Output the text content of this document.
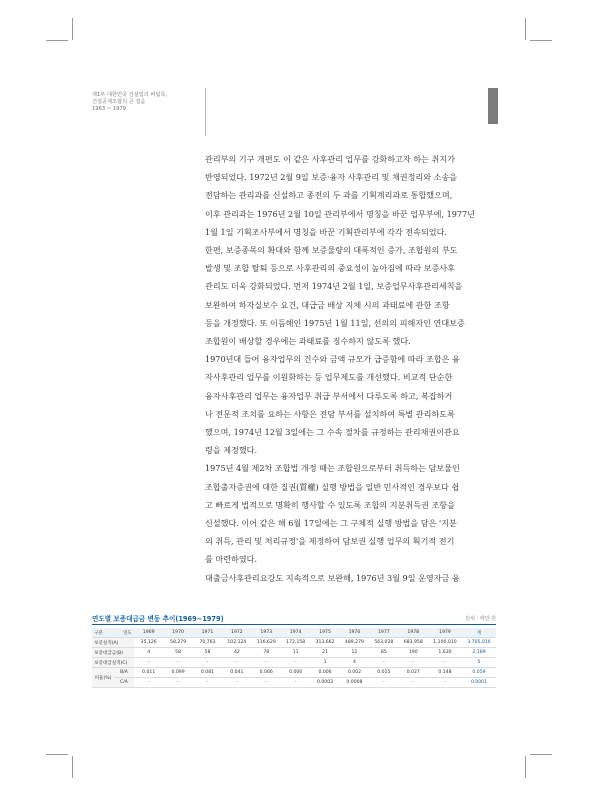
제1부 대한민국 건설업의 버팀목,
건설공제조합의 큰 걸음
1963 ~ 1979
관리부의 기구 개편도 이 같은 사후관리 업무를 강화하고자 하는 취지가
반영되었다. 1972년 2월 9일 보증·융자 사후관리 및 채권정리와 소송을
전담하는 관리과를 신설하고 종전의 두 과를 기획계리과로 통합했으며,
이후 관리과는 1976년 2월 10일 관리부에서 명칭을 바꾼 업무부에, 1977년
1월 1일 기획조사부에서 명칭을 바꾼 기획관리부에 각각 전속되었다.
한편, 보증종목의 확대와 함께 보증물량의 대폭적인 증가, 조합원의 부도
발생 및 조합 탈퇴 등으로 사후관리의 중요성이 높아짐에 따라 보증사후
관리도 더욱 강화되었다. 먼저 1974년 2월 1일, 보증업무사후관리세칙을
보완하여 하자실보수 요건, 대급금 배상 지체 시의 과태료에 관한 조항
등을 개정했다. 또 이듬해인 1975년 1월 11일, 선의의 피해자인 연대보증
조합원이 배상할 경우에는 과태료를 징수하지 않도록 했다.
1970년대 들어 융자업무의 건수와 금액 규모가 급증함에 따라 조합은 융
자사후관리 업무를 이원화하는 등 업무제도를 개선했다. 비교적 단순한
융자사후관리 업무는 융자업무 취급 부서에서 다루도록 하고, 복잡하거
나 전문적 조치를 요하는 사항은 전담 부서를 설치하여 특별 관리하도록
했으며, 1974년 12월 3일에는 그 수속 절차를 규정하는 관리채권이관요
령을 제정했다.
1975년 4월 제2차 조합법 개정 때는 조합원으로부터 취득하는 담보물인
조합출자증권에 대한 질권(質權) 실행 방법을 일반 민사적인 경우보다 쉽
고 빠르게 법적으로 명확히 행사할 수 있도록 조합의 지분취득권 조항을
신설했다. 이어 같은 해 6월 17일에는 그 구체적 실행 방법을 담은 '지분
의 취득, 관리 및 처리규정'을 제정하여 담보권 실행 업무의 획기적 전기
를 마련하였다.
대출금사후관리요강도 지속적으로 보완해, 1976년 3월 9일 운영자금 융
연도별 보증대급금 변동 추이(1969~1979)	단위 : 백만 원
구분 연도		1969	1970	1971	1972	1973	1974	1975	1976	1977	1978	1979	계
보증실적(A)		35,126	58,279	70,763	102,124	116,629	172,158	313,662	489,279	563,028	683,958	1,100,010	3,705,016
보증대급금(B)		4	58	58	42	78	11	21	12	85	190	1,630	2,189
보증대급실적(C)		-	-	-	-	-	-	1	4	-	-	-	5
비율(%)	B/A	0.011	0.099	0.081	0.041	0.066	0.006	0.006	0.002	0.015	0.027	0.148	0.059
	C/A	-	-	-	-	-	-	0.0003	0.0008	-	-	-	0.0001
